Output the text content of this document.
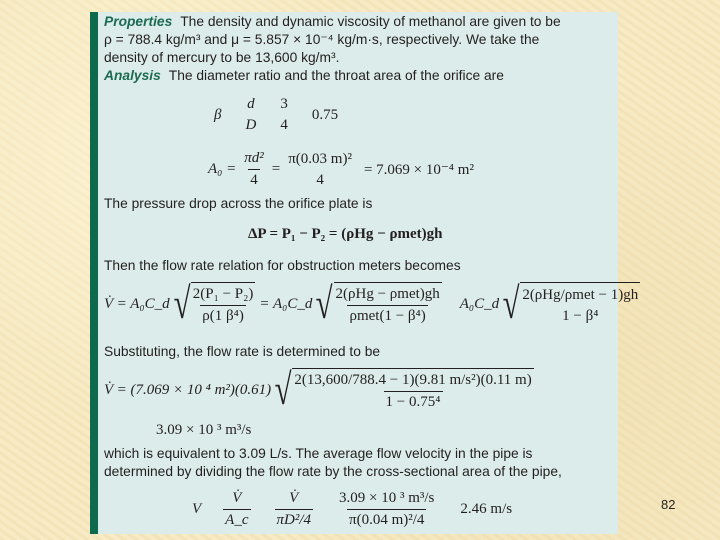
Properties The density and dynamic viscosity of methanol are given to be
ρ = 788.4 kg/m³ and μ = 5.857 × 10⁻⁴ kg/m·s, respectively. We take the
density of mercury to be 13,600 kg/m³.
Analysis The diameter ratio and the throat area of the orifice are
β
d
D
3
4
0.75
$A_0 = \frac{\text{πd²}}{4}$ =
π(0.03 m)²
4
= 7.069 × 10⁻⁴ m²
The pressure drop across the orifice plate is
ΔP = P₁ − P₂ = (ρHg − ρmet)gh
Then the flow rate relation for obstruction meters becomes
V̇ = A₀C_d √ $\frac{\text{2(P₁ − P₂)}}{\text{ρ(1 β⁴)}}$ = A₀C_d √ $\frac{\text{2(ρHg − ρmet)gh}}{\text{ρmet(1 − β⁴)}}$ A₀C_d √ 2(ρHg/ρmet − 1)gh
1 − β⁴
Substituting, the flow rate is determined to be
V̇ = (7.069 × 10 ⁴ m²)(0.61) √ $\frac{\text{2(13,600/788.4 − 1)(9.81 m/s²)(0.11 m)}}{\text{1 − 0.75⁴}}$
3.09 × 10 ³ m³/s
which is equivalent to 3.09 L/s. The average flow velocity in the pipe is
determined by dividing the flow rate by the cross-sectional area of the pipe,
V $\frac{V̇}{A\_c} \frac{V̇}{\text{πD²/4}} \frac{\text{3.09 × 10 ³ m³/s}}{\text{π(0.04 m)²/4}} 2.46$ m/s	82
